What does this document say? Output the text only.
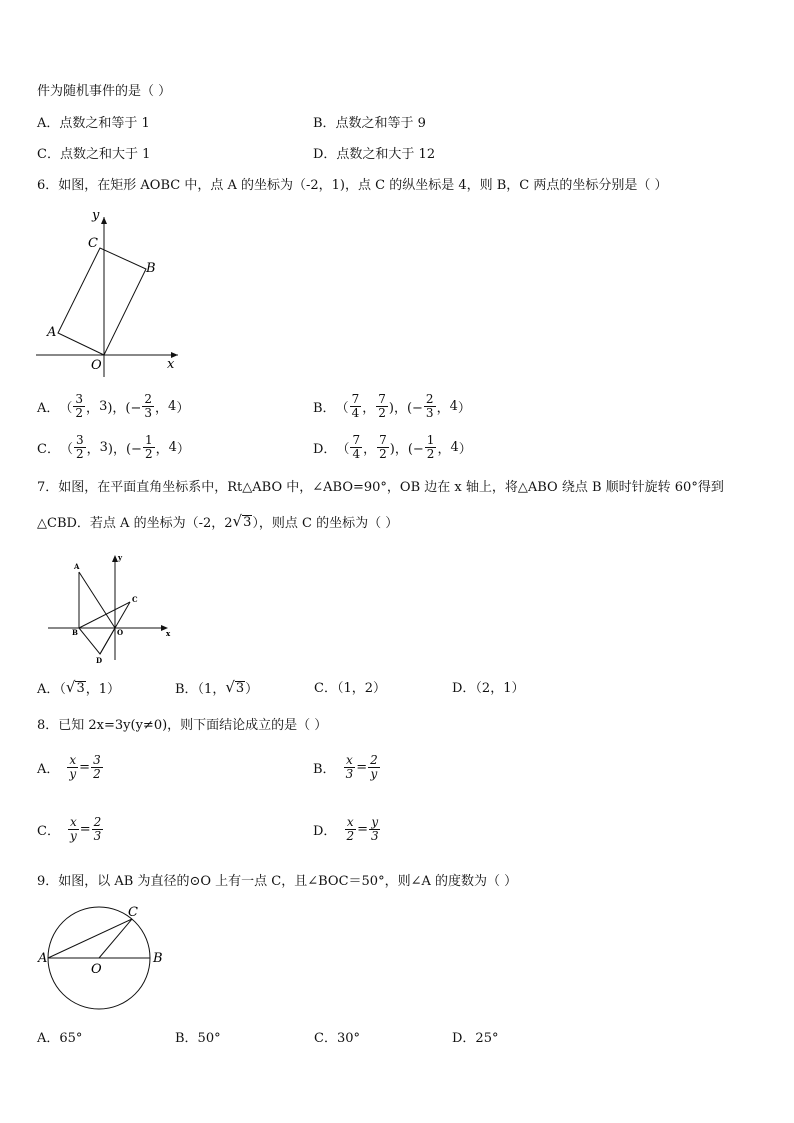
件为随机事件的是（ ）
A．点数之和等于 1	B．点数之和等于 9
C．点数之和大于 1	D．点数之和大于 12
6．如图，在矩形 AOBC 中，点 A 的坐标为（-2，1)，点 C 的纵坐标是 4，则 B，C 两点的坐标分别是（ ）
y
x
C
B
A
O
A． （ $\frac{3}{2}$ ， 3 )，(− $\frac{2}{3}$ ， 4 ）	B． （ $\frac{7}{4}$ ， $\frac{7}{2}$ )，(− $\frac{2}{3}$ ， 4 ）
C． （ $\frac{3}{2}$ ， 3 )，(− $\frac{1}{2}$ ， 4 ）	D． （ $\frac{7}{4}$ ， $\frac{7}{2}$ )，(− $\frac{1}{2}$ ， 4 ）
7．如图，在平面直角坐标系中，Rt△ABO 中，∠ABO=90°，OB 边在 x 轴上，将△ABO 绕点 B 顺时针旋转 60°得到
△CBD．若点 A 的坐标为（-2，2 √ 3 ），则点 C 的坐标为（ ）
y
x
A
B	O
C
D
A．（ √ 3 ，1）	B．（1， √ 3 ）	C．（1，2）	D．（2，1）
8．已知 2x=3y(y≠0)，则下面结论成立的是（ ）
A． $\frac{x}{y} = \frac{3}{2}$	B． $\frac{x}{3} = \frac{2}{y}$
C． $\frac{x}{y} = \frac{2}{3}$	D． $\frac{x}{2} = \frac{y}{3}$
9．如图，以 AB 为直径的⊙O 上有一点 C，且∠BOC＝50°，则∠A 的度数为（ ）
A	B
C
O
A．65°	B．50°	C．30°	D．25°
